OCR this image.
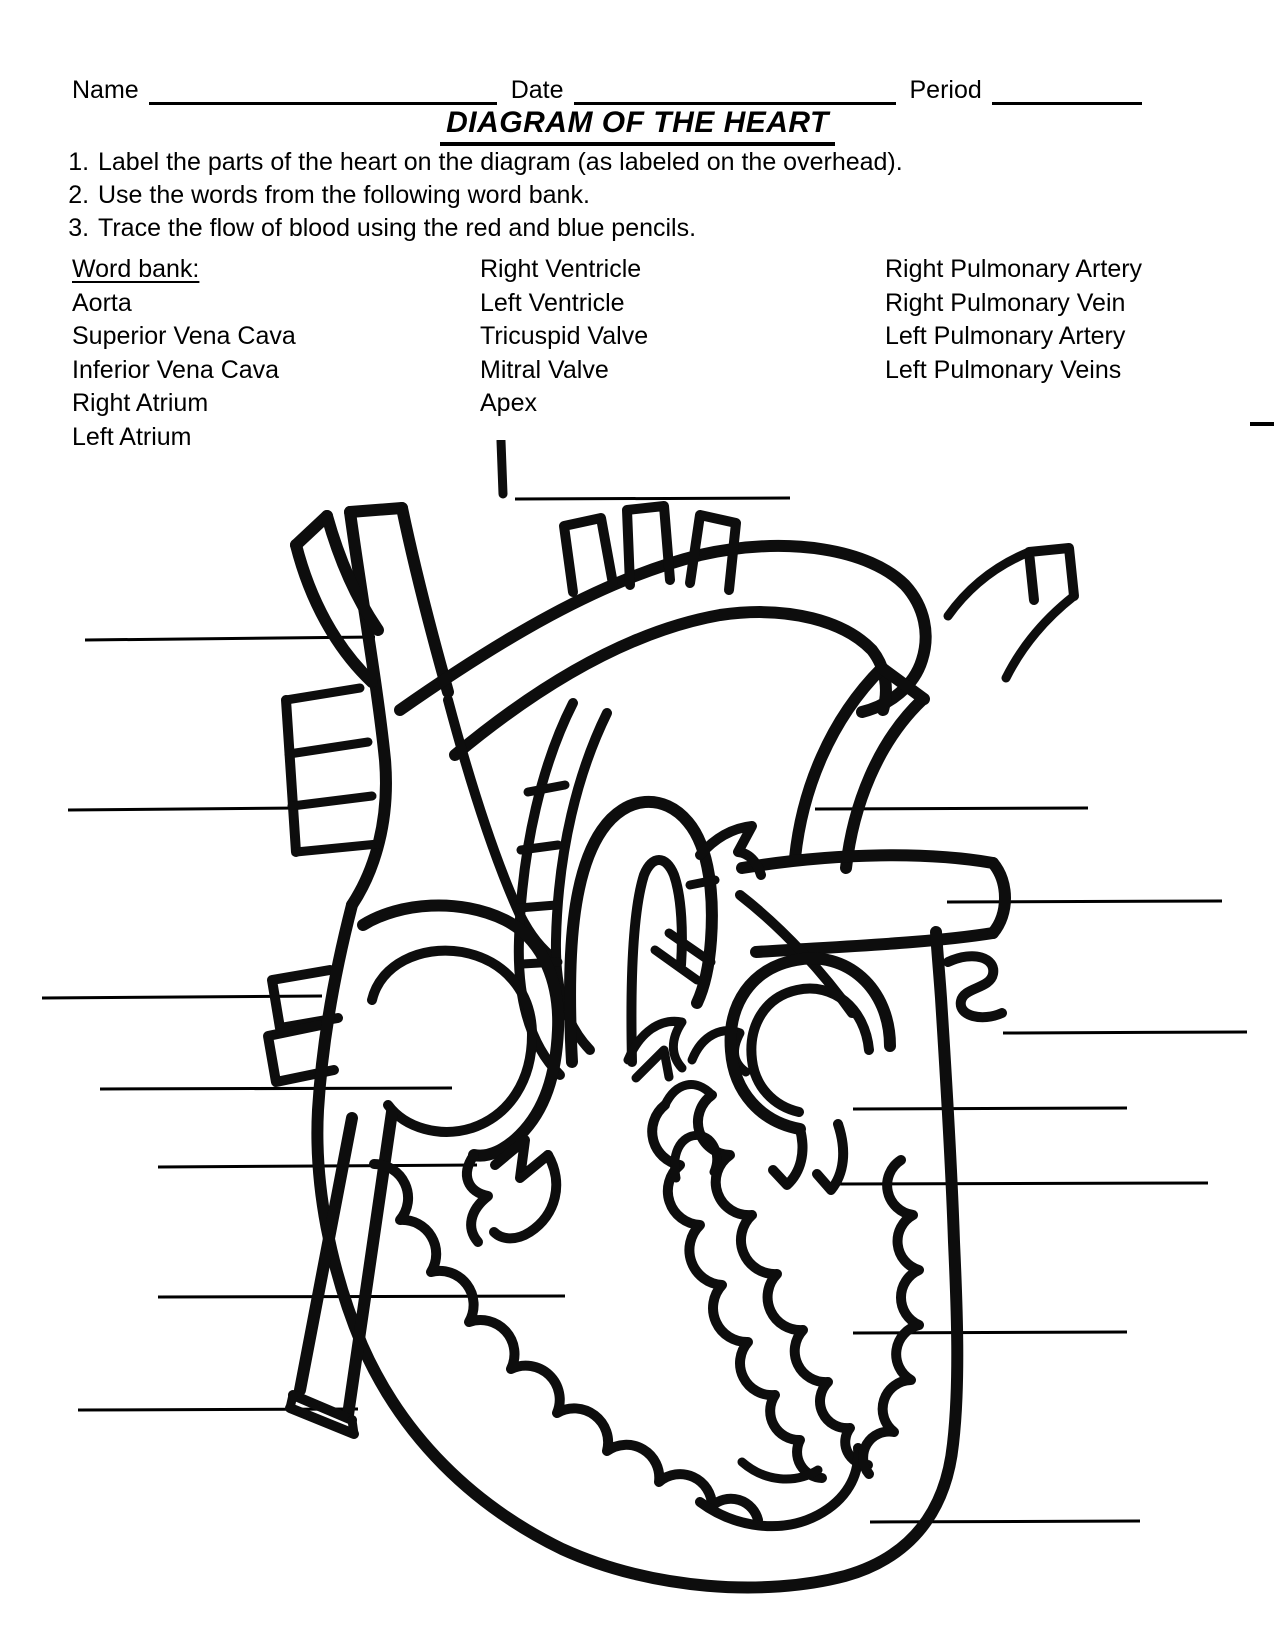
Name	Date	Period
DIAGRAM OF THE HEART
1. Label the parts of the heart on the diagram (as labeled on the overhead).
2. Use the words from the following word bank.
3. Trace the flow of blood using the red and blue pencils.
Word bank:
Aorta
Superior Vena Cava
Inferior Vena Cava
Right Atrium
Left Atrium
Right Ventricle
Left Ventricle
Tricuspid Valve
Mitral Valve
Apex
Right Pulmonary Artery
Right Pulmonary Vein
Left Pulmonary Artery
Left Pulmonary Veins
